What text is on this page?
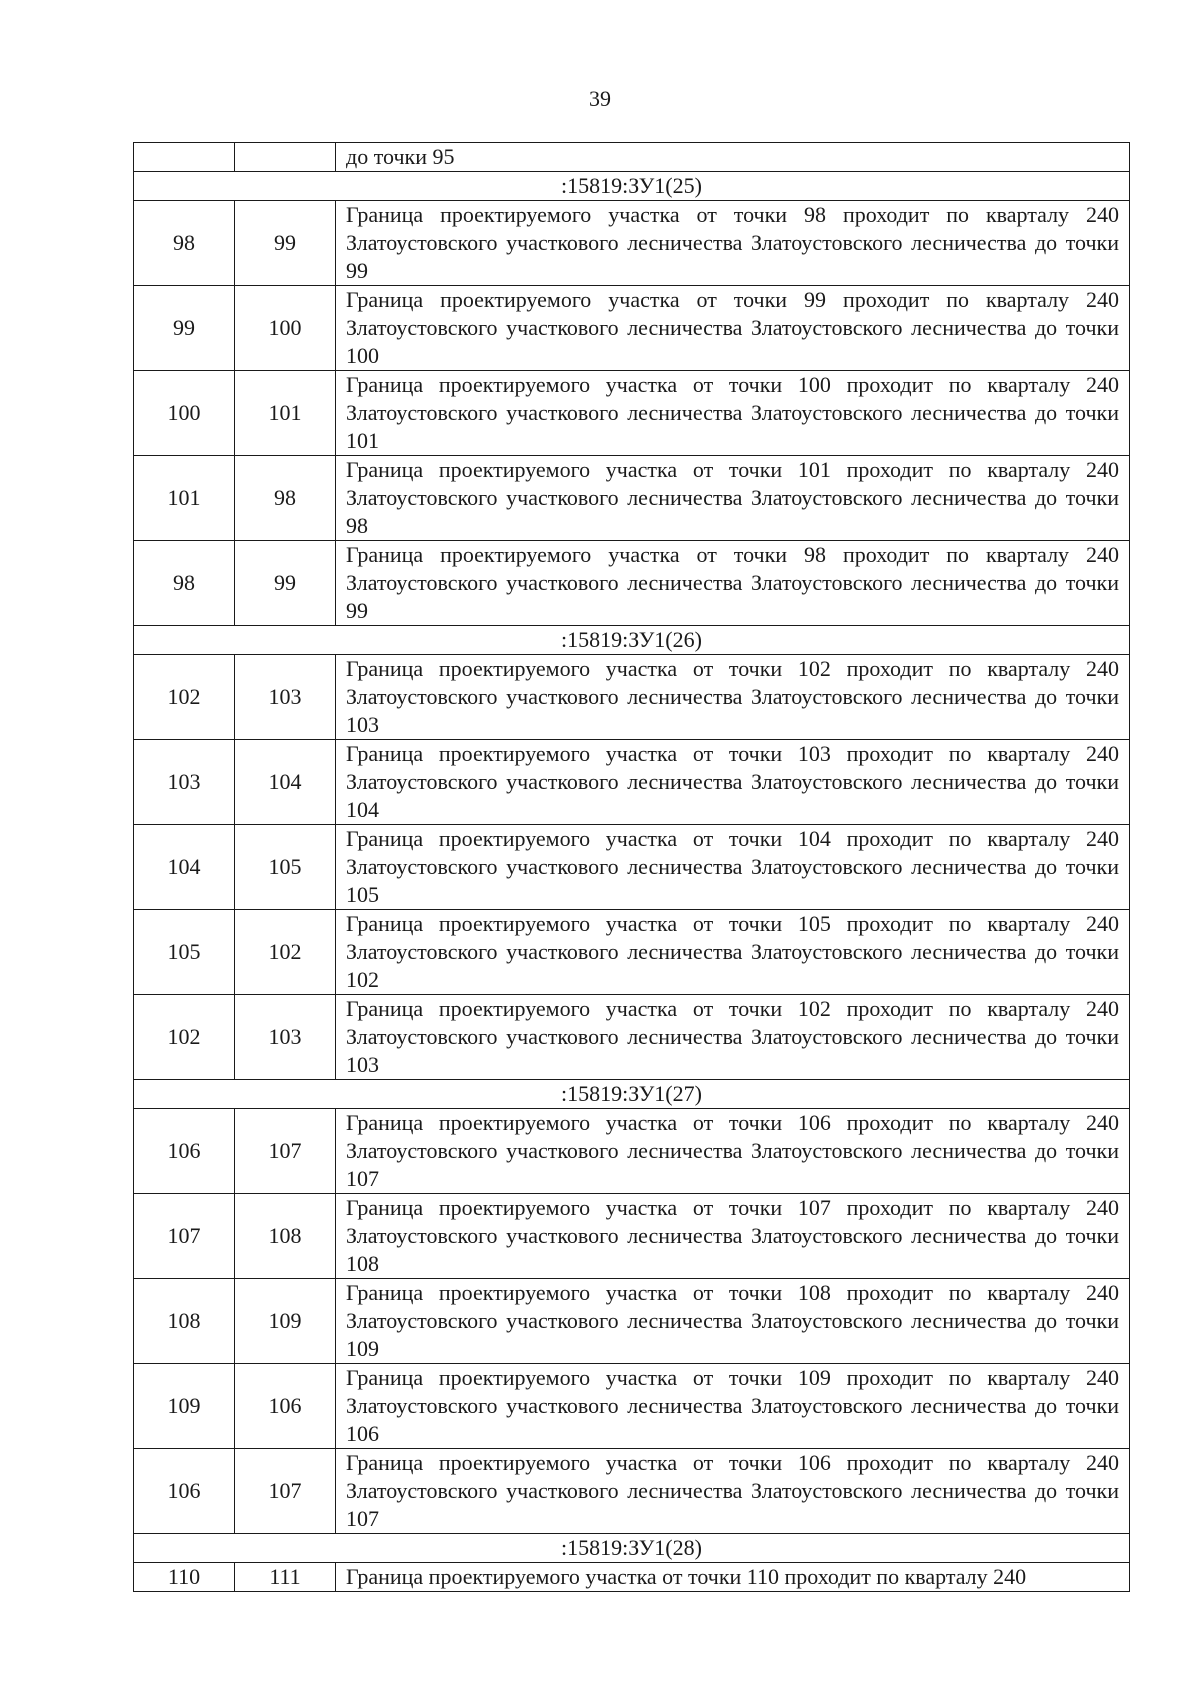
39
		до точки 95
:15819:ЗУ1(25)		
98	99	Граница проектируемого участка от точки 98 проходит по кварталу 240 Златоустовского участкового лесничества Златоустовского лесничества до точки 99
99	100	Граница проектируемого участка от точки 99 проходит по кварталу 240 Златоустовского участкового лесничества Златоустовского лесничества до точки 100
100	101	Граница проектируемого участка от точки 100 проходит по кварталу 240 Златоустовского участкового лесничества Златоустовского лесничества до точки 101
101	98	Граница проектируемого участка от точки 101 проходит по кварталу 240 Златоустовского участкового лесничества Златоустовского лесничества до точки 98
98	99	Граница проектируемого участка от точки 98 проходит по кварталу 240 Златоустовского участкового лесничества Златоустовского лесничества до точки 99
:15819:ЗУ1(26)		
102	103	Граница проектируемого участка от точки 102 проходит по кварталу 240 Златоустовского участкового лесничества Златоустовского лесничества до точки 103
103	104	Граница проектируемого участка от точки 103 проходит по кварталу 240 Златоустовского участкового лесничества Златоустовского лесничества до точки 104
104	105	Граница проектируемого участка от точки 104 проходит по кварталу 240 Златоустовского участкового лесничества Златоустовского лесничества до точки 105
105	102	Граница проектируемого участка от точки 105 проходит по кварталу 240 Златоустовского участкового лесничества Златоустовского лесничества до точки 102
102	103	Граница проектируемого участка от точки 102 проходит по кварталу 240 Златоустовского участкового лесничества Златоустовского лесничества до точки 103
:15819:ЗУ1(27)		
106	107	Граница проектируемого участка от точки 106 проходит по кварталу 240 Златоустовского участкового лесничества Златоустовского лесничества до точки 107
107	108	Граница проектируемого участка от точки 107 проходит по кварталу 240 Златоустовского участкового лесничества Златоустовского лесничества до точки 108
108	109	Граница проектируемого участка от точки 108 проходит по кварталу 240 Златоустовского участкового лесничества Златоустовского лесничества до точки 109
109	106	Граница проектируемого участка от точки 109 проходит по кварталу 240 Златоустовского участкового лесничества Златоустовского лесничества до точки 106
106	107	Граница проектируемого участка от точки 106 проходит по кварталу 240 Златоустовского участкового лесничества Златоустовского лесничества до точки 107
:15819:ЗУ1(28)		
110	111	Граница проектируемого участка от точки 110 проходит по кварталу 240
